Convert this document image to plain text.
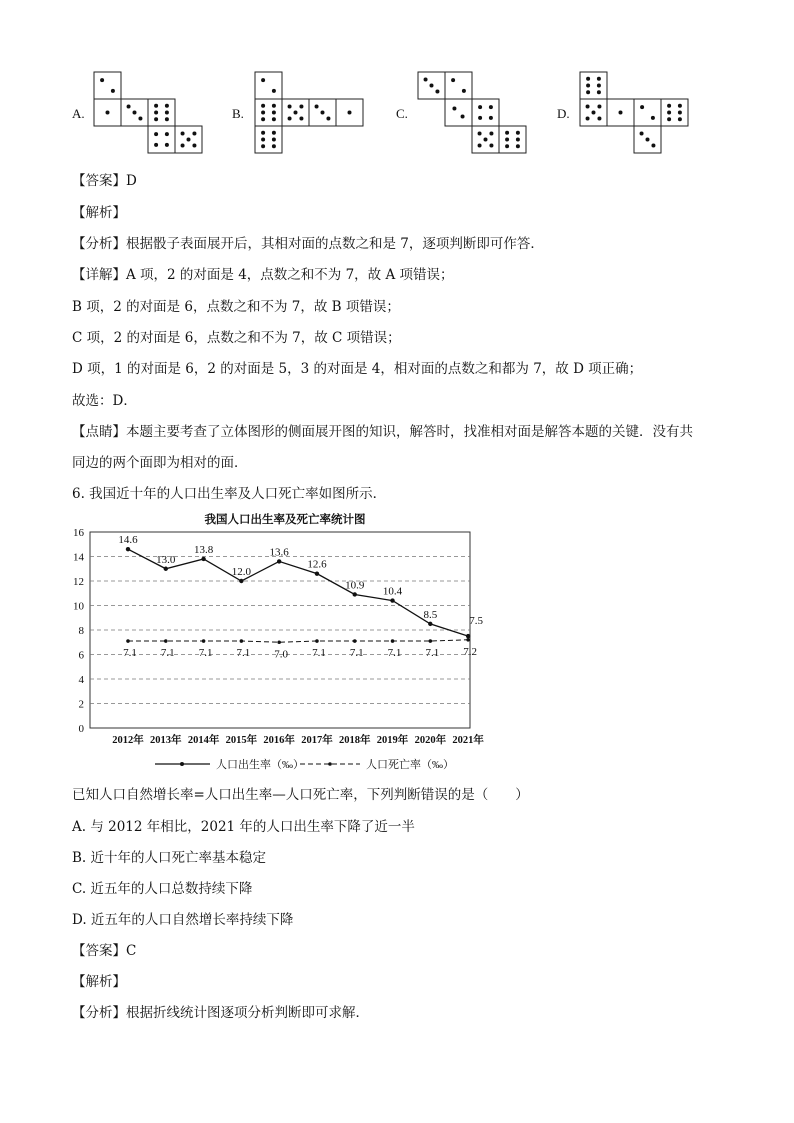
A.	B.	C.	D.
【答案】D
【解析】
【分析】根据骰子表面展开后，其相对面的点数之和是 7，逐项判断即可作答．
【详解】A 项，2 的对面是 4，点数之和不为 7，故 A 项错误；
B 项，2 的对面是 6，点数之和不为 7，故 B 项错误；
C 项，2 的对面是 6，点数之和不为 7，故 C 项错误；
D 项，1 的对面是 6，2 的对面是 5，3 的对面是 4，相对面的点数之和都为 7，故 D 项正确；
故选：D．
【点睛】本题主要考查了立体图形的侧面展开图的知识，解答时，找准相对面是解答本题的关键．没有共
同边的两个面即为相对的面．
6. 我国近十年的人口出生率及人口死亡率如图所示．
我国人口出生率及死亡率统计图
0
2
4
6
8
10
12
14
16
2012年 2013年 2014年 2015年 2016年 2017年 2018年 2019年 2020年 2021年
14.6
13.0
13.8
12.0
13.6
12.6
10.9
10.4
8.5
7.5
7.1 7.1 7.1 7.1 7.0 7.1 7.1 7.1 7.1 7.2
人口出生率（‰）	人口死亡率（‰）
已知人口自然增长率=人口出生率—人口死亡率，下列判断错误的是（　　）
A. 与 2012 年相比，2021 年的人口出生率下降了近一半
B. 近十年的人口死亡率基本稳定
C. 近五年的人口总数持续下降
D. 近五年的人口自然增长率持续下降
【答案】C
【解析】
【分析】根据折线统计图逐项分析判断即可求解．
